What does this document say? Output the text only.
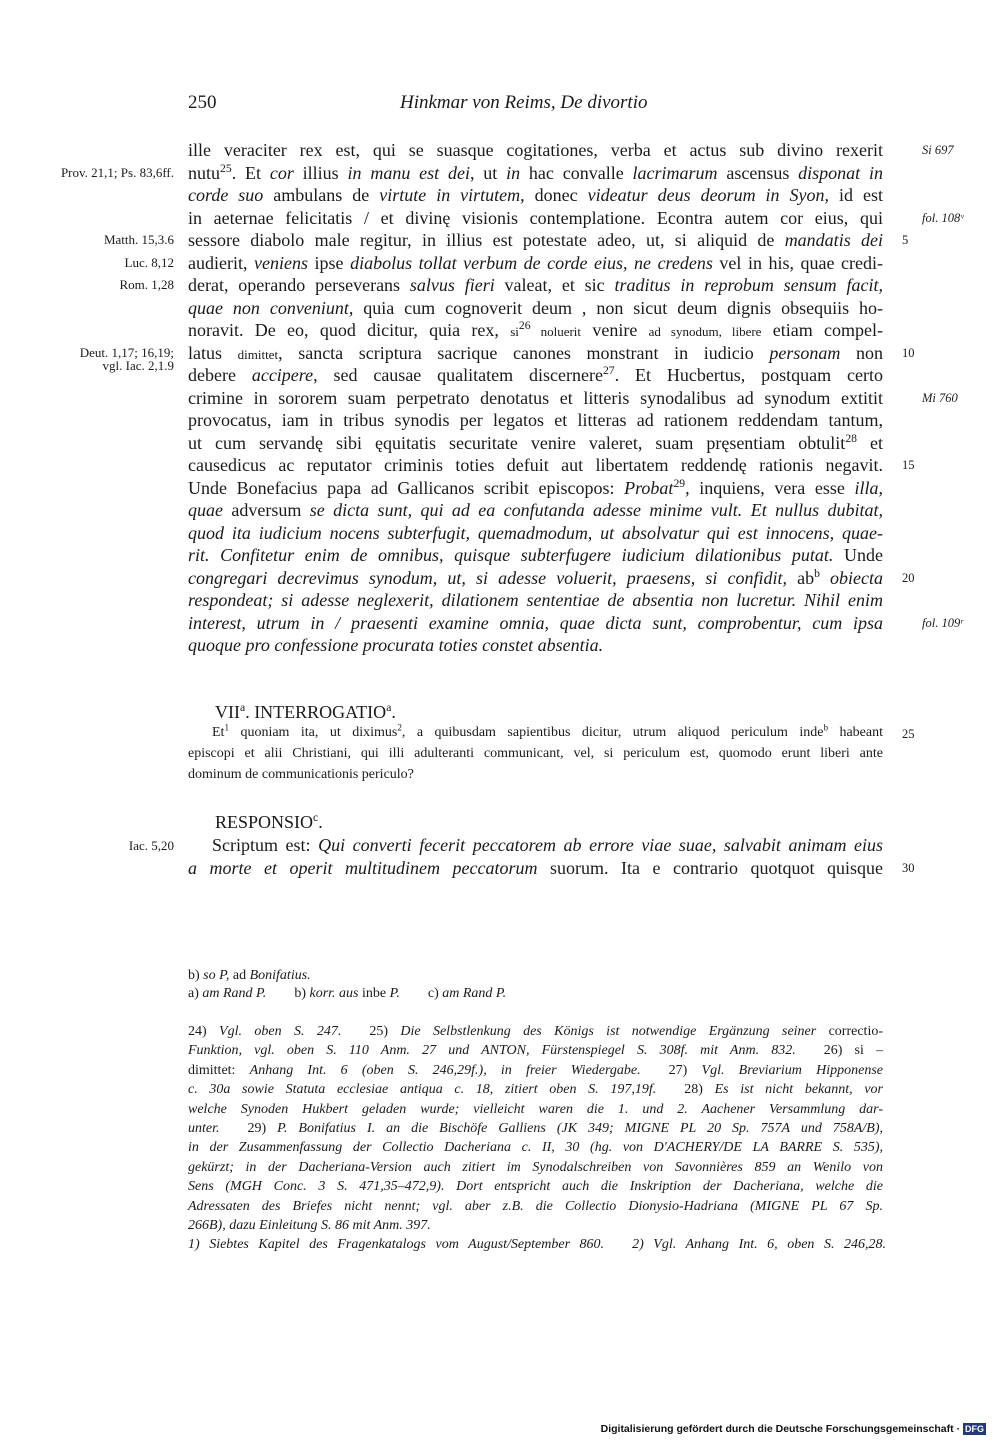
250	Hinkmar von Reims, De divortio
ille veraciter rex est, qui se suasque cogitationes, verba et actus sub divino rexerit
nutu$^{25}$. Et cor illius in manu est dei, ut in hac convalle lacrimarum ascensus disponat in
corde suo ambulans de virtute in virtutem, donec videatur deus deorum in Syon, id est
in aeternae felicitatis / et divinę visionis contemplatione. Econtra autem cor eius, qui
sessore diabolo male regitur, in illius est potestate adeo, ut, si aliquid de mandatis dei
audierit, veniens ipse diabolus tollat verbum de corde eius, ne credens vel in his, quae credi-
derat, operando perseverans salvus fieri valeat, et sic traditus in reprobum sensum facit,
quae non conveniunt, quia cum cognoverit deum , non sicut deum dignis obsequiis ho-
noravit. De eo, quod dicitur, quia rex, $si^{26}$ noluerit venire ad synodum, libere etiam compel-
latus dimittet, sancta scriptura sacrique canones monstrant in iudicio personam non
debere accipere, sed causae qualitatem discernere$^{27}$. Et Hucbertus, postquam certo
crimine in sororem suam perpetrato denotatus et litteris synodalibus ad synodum extitit
provocatus, iam in tribus synodis per legatos et litteras ad rationem reddendam tantum,
ut cum servandę sibi ęquitatis securitate venire valeret, suam pręsentiam obtulit$^{28}$ et
causedicus ac reputator criminis toties defuit aut libertatem reddendę rationis negavit.
Unde Bonefacius papa ad Gallicanos scribit episcopos: Probat$^{29}$, inquiens, vera esse illa,
quae adversum se dicta sunt, qui ad ea confutanda adesse minime vult. Et nullus dubitat,
quod ita iudicium nocens subterfugit, quemadmodum, ut absolvatur qui est innocens, quae-
rit. Confitetur enim de omnibus, quisque subterfugere iudicium dilationibus putat. Unde
congregari decrevimus synodum, ut, si adesse voluerit, praesens, si confidit, $ab^b$ obiecta
respondeat; si adesse neglexerit, dilationem sententiae de absentia non lucretur. Nihil enim
interest, utrum in / praesenti examine omnia, quae dicta sunt, comprobentur, cum ipsa
quoque pro confessione procurata toties constet absentia.
Prov. 21,1; Ps. 83,6ff.
Matth. 15,3.6
Luc. 8,12
Rom. 1,28
Deut. 1,17; 16,19;
vgl. Iac. 2,1.9
Si 697
fol. 108ᵛ
Mi 760
fol. 109ʳ
5
10
15
20
VII$^a$. INTERROGATIO$^a$.
Et$^1$ quoniam ita, ut diximus$^2$, a quibusdam sapientibus dicitur, utrum aliquod periculum inde$^b$ habeant
episcopi et alii Christiani, qui illi adulteranti communicant, vel, si periculum est, quomodo erunt liberi ante
dominum de communicationis periculo?
25
RESPONSIO$^c$.
Scriptum est: Qui converti fecerit peccatorem ab errore viae suae, salvabit animam eius
a morte et operit multitudinem peccatorum suorum. Ita e contrario quotquot quisque
Iac. 5,20
30
b) so P, ad Bonifatius.
a) am Rand P.  b) korr. aus inbe P.  c) am Rand P.
24) Vgl. oben S. 247.  25) Die Selbstlenkung des Königs ist notwendige Ergänzung seiner correctio-
Funktion, vgl. oben S. 110 Anm. 27 und ANTON, Fürstenspiegel S. 308f. mit Anm. 832.  26) si –
dimittet: Anhang Int. 6 (oben S. 246,29f.), in freier Wiedergabe.  27) Vgl. Breviarium Hipponense
c. 30a sowie Statuta ecclesiae antiqua c. 18, zitiert oben S. 197,19f.  28) Es ist nicht bekannt, vor
welche Synoden Hukbert geladen wurde; vielleicht waren die 1. und 2. Aachener Versammlung dar-
unter.  29) P. Bonifatius I. an die Bischöfe Galliens (JK 349; MIGNE PL 20 Sp. 757A und 758A/B),
in der Zusammenfassung der Collectio Dacheriana c. II, 30 (hg. von D'ACHERY/DE LA BARRE S. 535),
gekürzt; in der Dacheriana-Version auch zitiert im Synodalschreiben von Savonnières 859 an Wenilo von
Sens (MGH Conc. 3 S. 471,35–472,9). Dort entspricht auch die Inskription der Dacheriana, welche die
Adressaten des Briefes nicht nennt; vgl. aber z.B. die Collectio Dionysio-Hadriana (MIGNE PL 67 Sp.
266B), dazu Einleitung S. 86 mit Anm. 397.
1) Siebtes Kapitel des Fragenkatalogs vom August/September 860.   2) Vgl. Anhang Int. 6, oben S. 246,28.
Digitalisierung gefördert durch die Deutsche Forschungsgemeinschaft · DFG
